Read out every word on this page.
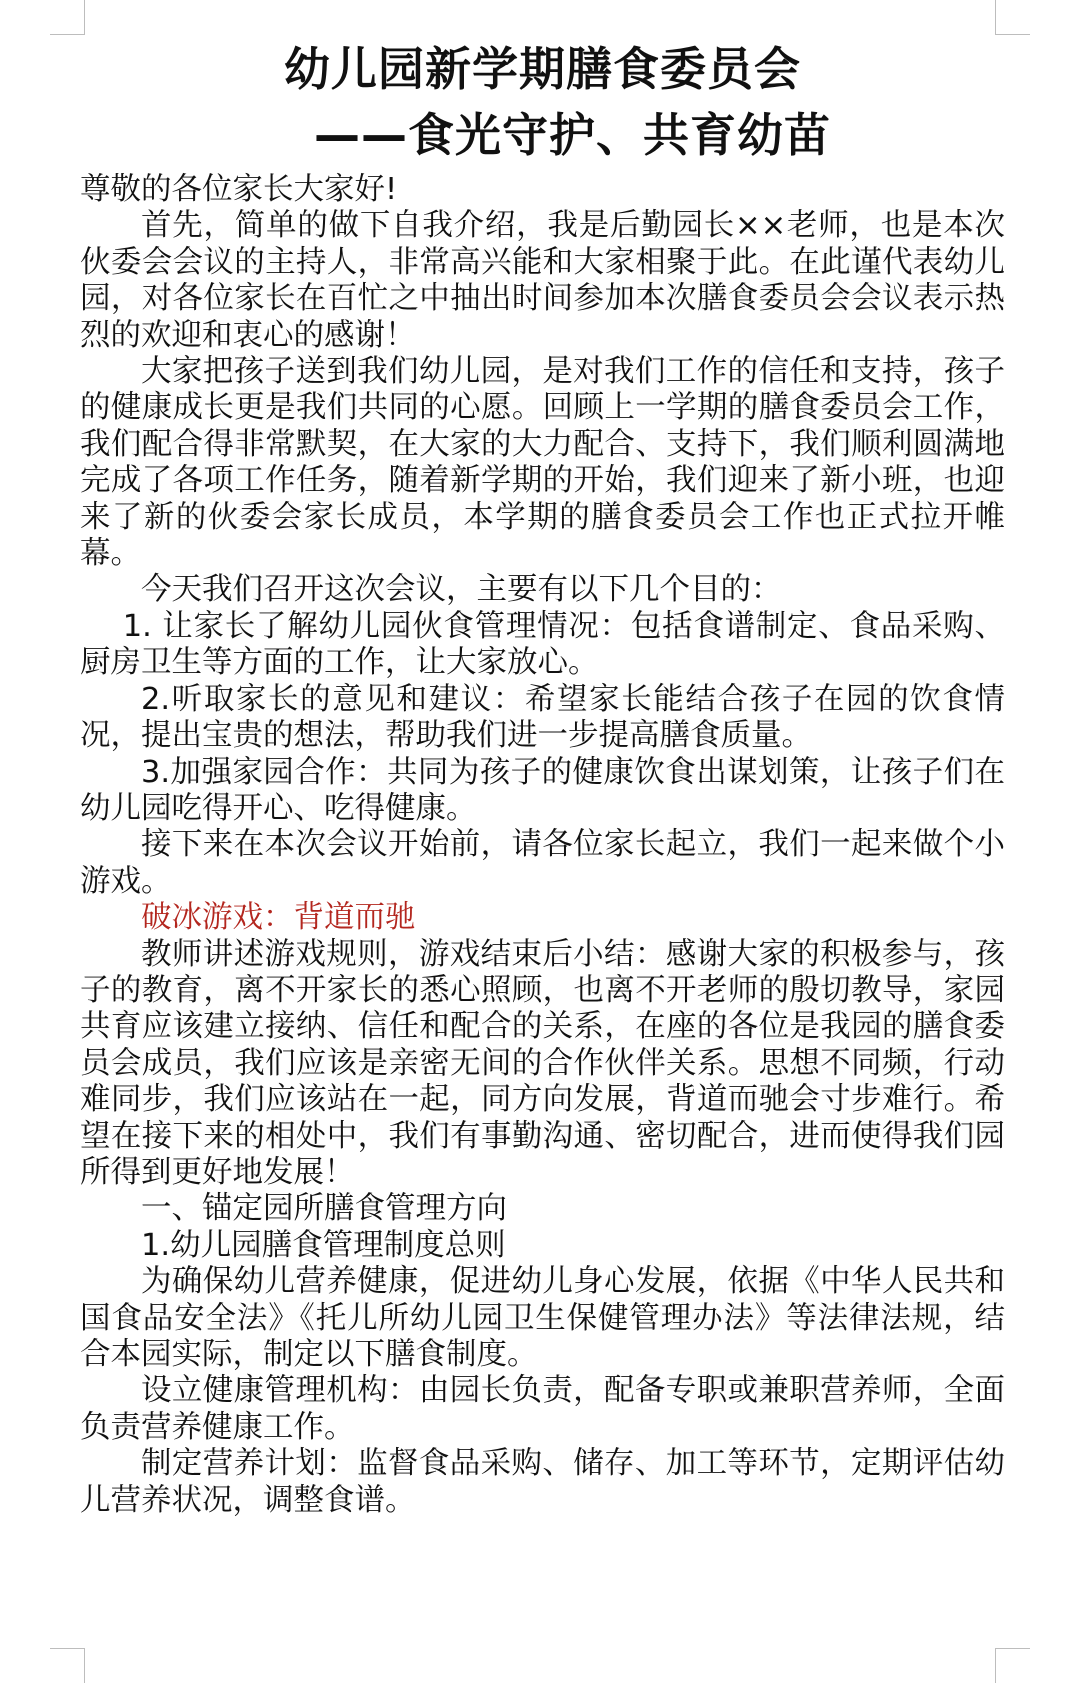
幼儿园新学期膳食委员会
——食光守护、共育幼苗

尊敬的各位家长大家好!

首先，简单的做下自我介绍，我是后勤园长××老师，也是本次伙委会会议的主持人，非常高兴能和大家相聚于此。在此谨代表幼儿园，对各位家长在百忙之中抽出时间参加本次膳食委员会会议表示热烈的欢迎和衷心的感谢！

大家把孩子送到我们幼儿园，是对我们工作的信任和支持，孩子的健康成长更是我们共同的心愿。回顾上一学期的膳食委员会工作，我们配合得非常默契，在大家的大力配合、支持下，我们顺利圆满地完成了各项工作任务，随着新学期的开始，我们迎来了新小班，也迎来了新的伙委会家长成员，本学期的膳食委员会工作也正式拉开帷幕。

今天我们召开这次会议，主要有以下几个目的：

1. 让家长了解幼儿园伙食管理情况：包括食谱制定、食品采购、厨房卫生等方面的工作，让大家放心。

2.听取家长的意见和建议：希望家长能结合孩子在园的饮食情况，提出宝贵的想法，帮助我们进一步提高膳食质量。

3.加强家园合作：共同为孩子的健康饮食出谋划策，让孩子们在幼儿园吃得开心、吃得健康。

接下来在本次会议开始前，请各位家长起立，我们一起来做个小游戏。

破冰游戏：背道而驰

教师讲述游戏规则，游戏结束后小结：感谢大家的积极参与，孩子的教育，离不开家长的悉心照顾，也离不开老师的殷切教导，家园共育应该建立接纳、信任和配合的关系，在座的各位是我园的膳食委员会成员，我们应该是亲密无间的合作伙伴关系。思想不同频，行动难同步，我们应该站在一起，同方向发展，背道而驰会寸步难行。希望在接下来的相处中，我们有事勤沟通、密切配合，进而使得我们园所得到更好地发展！

一、锚定园所膳食管理方向

1.幼儿园膳食管理制度总则

为确保幼儿营养健康，促进幼儿身心发展，依据《中华人民共和国食品安全法》《托儿所幼儿园卫生保健管理办法》等法律法规，结合本园实际，制定以下膳食制度。

设立健康管理机构：由园长负责，配备专职或兼职营养师，全面负责营养健康工作。

制定营养计划：监督食品采购、储存、加工等环节，定期评估幼儿营养状况，调整食谱。
